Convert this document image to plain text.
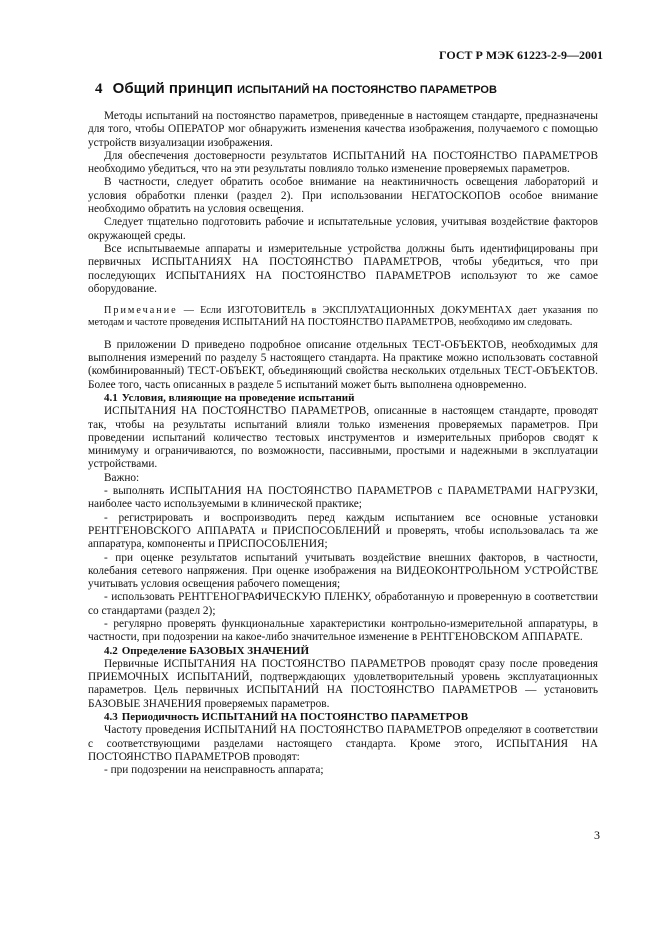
ГОСТ Р МЭК 61223-2-9—2001
4 Общий принцип ИСПЫТАНИЙ НА ПОСТОЯНСТВО ПАРАМЕТРОВ

Методы испытаний на постоянство параметров, приведенные в настоящем стандарте, предназначены для того, чтобы ОПЕРАТОР мог обнаружить изменения качества изображения, получаемого с помощью устройств визуализации изображения.

Для обеспечения достоверности результатов ИСПЫТАНИЙ НА ПОСТОЯНСТВО ПАРАМЕТРОВ необходимо убедиться, что на эти результаты повлияло только изменение проверяемых параметров.

В частности, следует обратить особое внимание на неактиничность освещения лабораторий и условия обработки пленки (раздел 2). При использовании НЕГАТОСКОПОВ особое внимание необходимо обратить на условия освещения.

Следует тщательно подготовить рабочие и испытательные условия, учитывая воздействие факторов окружающей среды.

Все испытываемые аппараты и измерительные устройства должны быть идентифицированы при первичных ИСПЫТАНИЯХ НА ПОСТОЯНСТВО ПАРАМЕТРОВ, чтобы убедиться, что при последующих ИСПЫТАНИЯХ НА ПОСТОЯНСТВО ПАРАМЕТРОВ используют то же самое оборудование.

Примечание — Если ИЗГОТОВИТЕЛЬ в ЭКСПЛУАТАЦИОННЫХ ДОКУМЕНТАХ дает указания по методам и частоте проведения ИСПЫТАНИЙ НА ПОСТОЯНСТВО ПАРАМЕТРОВ, необходимо им следовать.

В приложении D приведено подробное описание отдельных ТЕСТ-ОБЪЕКТОВ, необходимых для выполнения измерений по разделу 5 настоящего стандарта. На практике можно использовать составной (комбинированный) ТЕСТ-ОБЪЕКТ, объединяющий свойства нескольких отдельных ТЕСТ-ОБЪЕКТОВ. Более того, часть описанных в разделе 5 испытаний может быть выполнена одновременно.

4.1 Условия, влияющие на проведение испытаний

ИСПЫТАНИЯ НА ПОСТОЯНСТВО ПАРАМЕТРОВ, описанные в настоящем стандарте, проводят так, чтобы на результаты испытаний влияли только изменения проверяемых параметров. При проведении испытаний количество тестовых инструментов и измерительных приборов сводят к минимуму и ограничиваются, по возможности, пассивными, простыми и надежными в эксплуатации устройствами.

Важно:

- выполнять ИСПЫТАНИЯ НА ПОСТОЯНСТВО ПАРАМЕТРОВ с ПАРАМЕТРАМИ НАГРУЗКИ, наиболее часто используемыми в клинической практике;

- регистрировать и воспроизводить перед каждым испытанием все основные установки РЕНТГЕНОВСКОГО АППАРАТА и ПРИСПОСОБЛЕНИЙ и проверять, чтобы использовалась та же аппаратура, компоненты и ПРИСПОСОБЛЕНИЯ;

- при оценке результатов испытаний учитывать воздействие внешних факторов, в частности, колебания сетевого напряжения. При оценке изображения на ВИДЕОКОНТРОЛЬНОМ УСТРОЙСТВЕ учитывать условия освещения рабочего помещения;

- использовать РЕНТГЕНОГРАФИЧЕСКУЮ ПЛЕНКУ, обработанную и проверенную в соответствии со стандартами (раздел 2);

- регулярно проверять функциональные характеристики контрольно-измерительной аппаратуры, в частности, при подозрении на какое-либо значительное изменение в РЕНТГЕНОВСКОМ АППАРАТЕ.

4.2 Определение БАЗОВЫХ ЗНАЧЕНИЙ

Первичные ИСПЫТАНИЯ НА ПОСТОЯНСТВО ПАРАМЕТРОВ проводят сразу после проведения ПРИЕМОЧНЫХ ИСПЫТАНИЙ, подтверждающих удовлетворительный уровень эксплуатационных параметров. Цель первичных ИСПЫТАНИЙ НА ПОСТОЯНСТВО ПАРАМЕТРОВ — установить БАЗОВЫЕ ЗНАЧЕНИЯ проверяемых параметров.

4.3 Периодичность ИСПЫТАНИЙ НА ПОСТОЯНСТВО ПАРАМЕТРОВ

Частоту проведения ИСПЫТАНИЙ НА ПОСТОЯНСТВО ПАРАМЕТРОВ определяют в соответствии с соответствующими разделами настоящего стандарта. Кроме этого, ИСПЫТАНИЯ НА ПОСТОЯНСТВО ПАРАМЕТРОВ проводят:

- при подозрении на неисправность аппарата;

3
